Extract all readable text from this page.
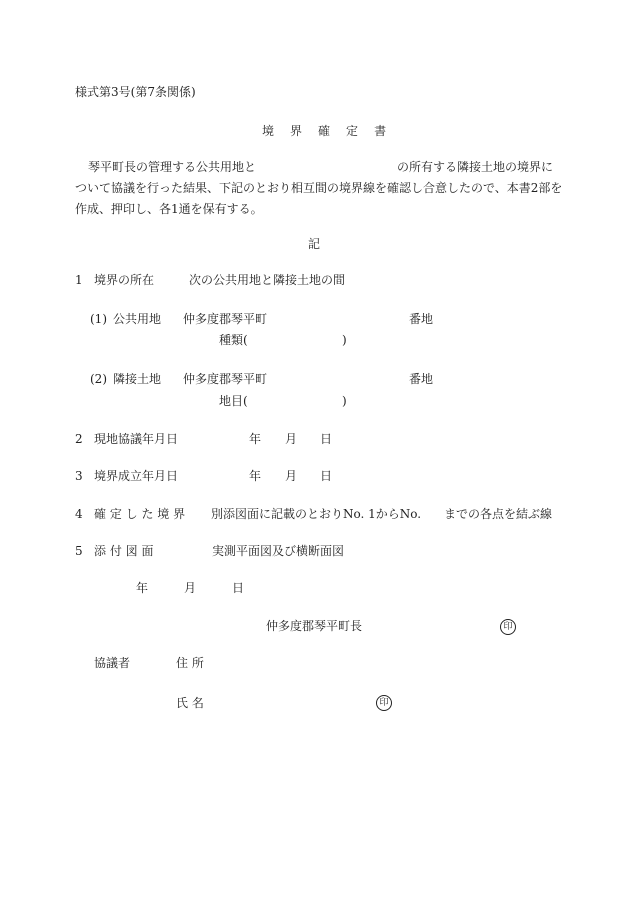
様式第3号(第7条関係)
境 界 確 定 書
琴平町長の管理する公共用地と	の所有する隣接土地の境界に
ついて協議を行った結果、下記のとおり相互間の境界線を確認し合意したので、本書2部を
作成、押印し、各1通を保有する。
記
1 境界の所在	次の公共用地と隣接土地の間
(1) 公共用地 仲多度郡琴平町	番地
種類(	)
(2) 隣接土地 仲多度郡琴平町	番地
地目(	)
2 現地協議年月日	年 月 日
3 境界成立年月日	年 月 日
4 確 定 し た 境 界 別添図面に記載のとおりNo. 1からNo. までの各点を結ぶ線
5 添 付 図 面	実測平面図及び横断面図
年	月	日
仲多度郡琴平町長	印
協議者	住 所
氏 名	印
